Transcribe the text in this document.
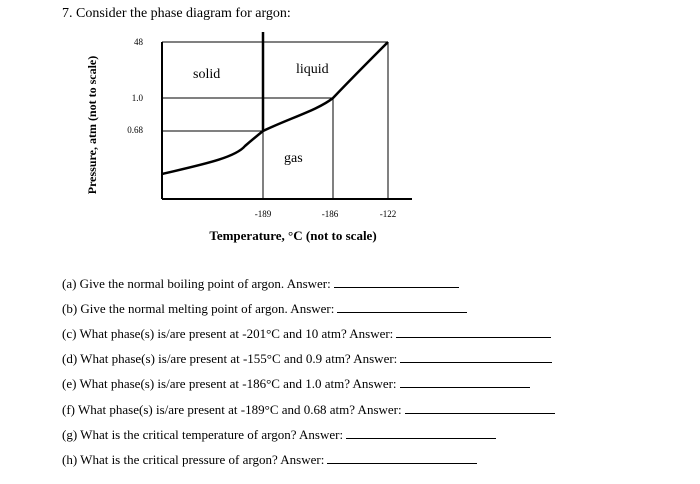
7. Consider the phase diagram for argon:
Pressure, atm (not to scale)
48
1.0
0.68
solid	liquid
gas
-189	-186	-122
Temperature, °C (not to scale)
(a) Give the normal boiling point of argon. Answer:
(b) Give the normal melting point of argon. Answer:
(c) What phase(s) is/are present at -201°C and 10 atm? Answer:
(d) What phase(s) is/are present at -155°C and 0.9 atm? Answer:
(e) What phase(s) is/are present at -186°C and 1.0 atm? Answer:
(f) What phase(s) is/are present at -189°C and 0.68 atm? Answer:
(g) What is the critical temperature of argon? Answer:
(h) What is the critical pressure of argon? Answer:
